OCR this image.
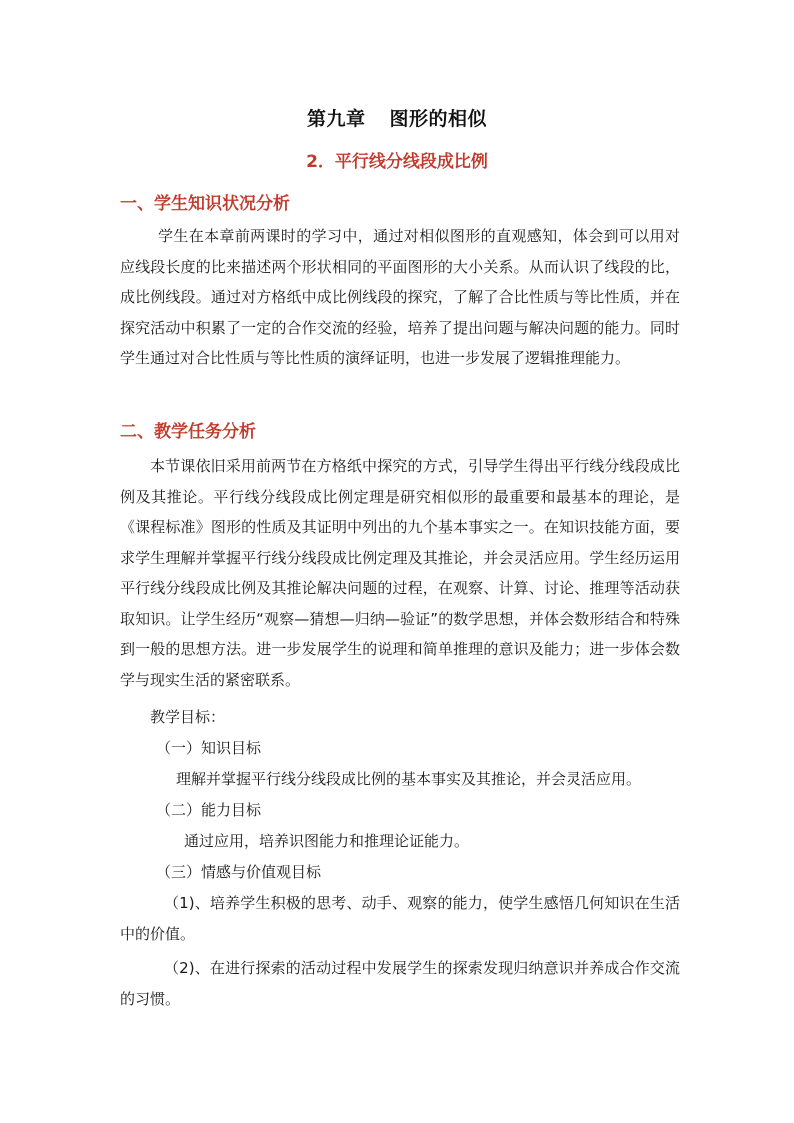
第九章 图形的相似
2．平行线分线段成比例
一、学生知识状况分析
学生在本章前两课时的学习中，通过对相似图形的直观感知，体会到可以用对应线段长度的比来描述两个形状相同的平面图形的大小关系。从而认识了线段的比，成比例线段。通过对方格纸中成比例线段的探究，了解了合比性质与等比性质，并在探究活动中积累了一定的合作交流的经验，培养了提出问题与解决问题的能力。同时学生通过对合比性质与等比性质的演绎证明，也进一步发展了逻辑推理能力。
二、教学任务分析
本节课依旧采用前两节在方格纸中探究的方式，引导学生得出平行线分线段成比例及其推论。平行线分线段成比例定理是研究相似形的最重要和最基本的理论，是《课程标准》图形的性质及其证明中列出的九个基本事实之一。在知识技能方面，要求学生理解并掌握平行线分线段成比例定理及其推论，并会灵活应用。学生经历运用平行线分线段成比例及其推论解决问题的过程，在观察、计算、讨论、推理等活动获取知识。让学生经历“观察—猜想—归纳—验证”的数学思想，并体会数形结合和特殊到一般的思想方法。进一步发展学生的说理和简单推理的意识及能力；进一步体会数学与现实生活的紧密联系。
教学目标：
（一）知识目标
理解并掌握平行线分线段成比例的基本事实及其推论，并会灵活应用。
（二）能力目标
通过应用，培养识图能力和推理论证能力。
（三）情感与价值观目标
（1)、培养学生积极的思考、动手、观察的能力，使学生感悟几何知识在生活中的价值。
（2)、在进行探索的活动过程中发展学生的探索发现归纳意识并养成合作交流的习惯。
